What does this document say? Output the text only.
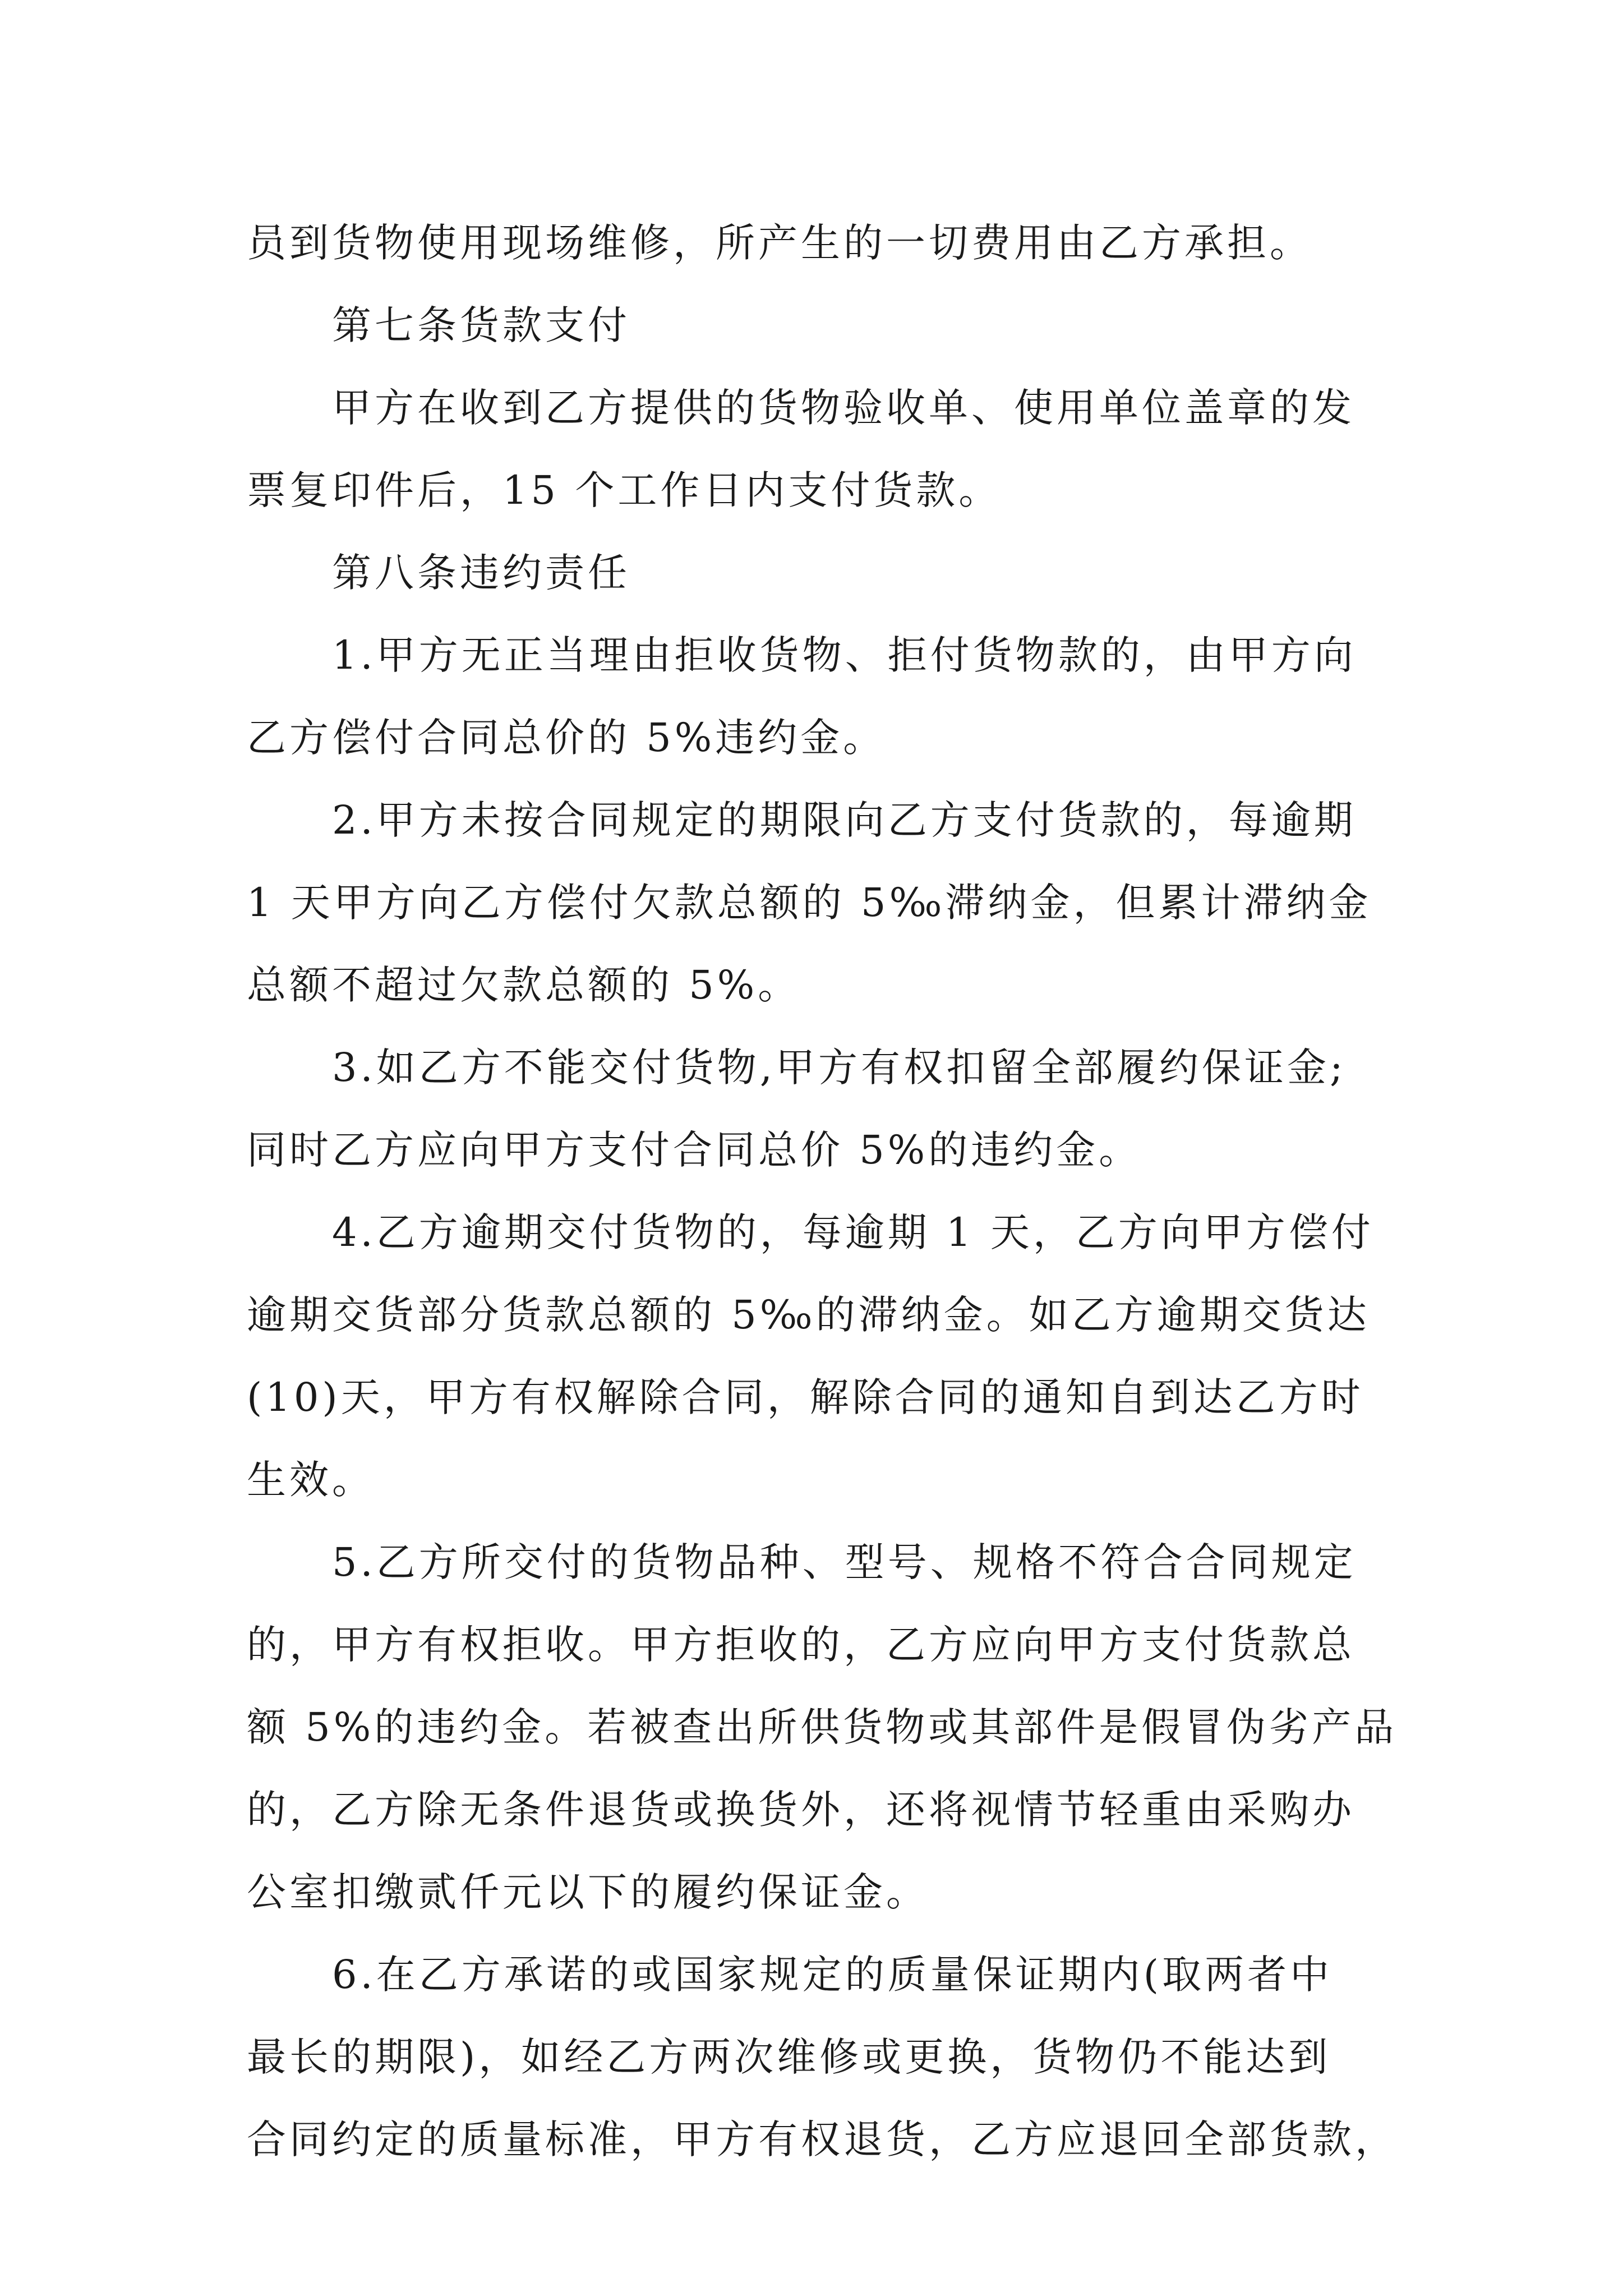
员到货物使用现场维修，所产生的一切费用由乙方承担。
第七条货款支付
甲方在收到乙方提供的货物验收单、使用单位盖章的发
票复印件后，15 个工作日内支付货款。
第八条违约责任
1.甲方无正当理由拒收货物、拒付货物款的，由甲方向
乙方偿付合同总价的 5%违约金。
2.甲方未按合同规定的期限向乙方支付货款的，每逾期
1 天甲方向乙方偿付欠款总额的 5‰滞纳金，但累计滞纳金
总额不超过欠款总额的 5%。
3.如乙方不能交付货物,甲方有权扣留全部履约保证金;
同时乙方应向甲方支付合同总价 5%的违约金。
4.乙方逾期交付货物的，每逾期 1 天，乙方向甲方偿付
逾期交货部分货款总额的 5‰的滞纳金。如乙方逾期交货达
(10)天，甲方有权解除合同，解除合同的通知自到达乙方时
生效。
5.乙方所交付的货物品种、型号、规格不符合合同规定
的，甲方有权拒收。甲方拒收的，乙方应向甲方支付货款总
额 5%的违约金。若被查出所供货物或其部件是假冒伪劣产品
的，乙方除无条件退货或换货外，还将视情节轻重由采购办
公室扣缴贰仟元以下的履约保证金。
6.在乙方承诺的或国家规定的质量保证期内(取两者中
最长的期限)，如经乙方两次维修或更换，货物仍不能达到
合同约定的质量标准，甲方有权退货，乙方应退回全部货款，
